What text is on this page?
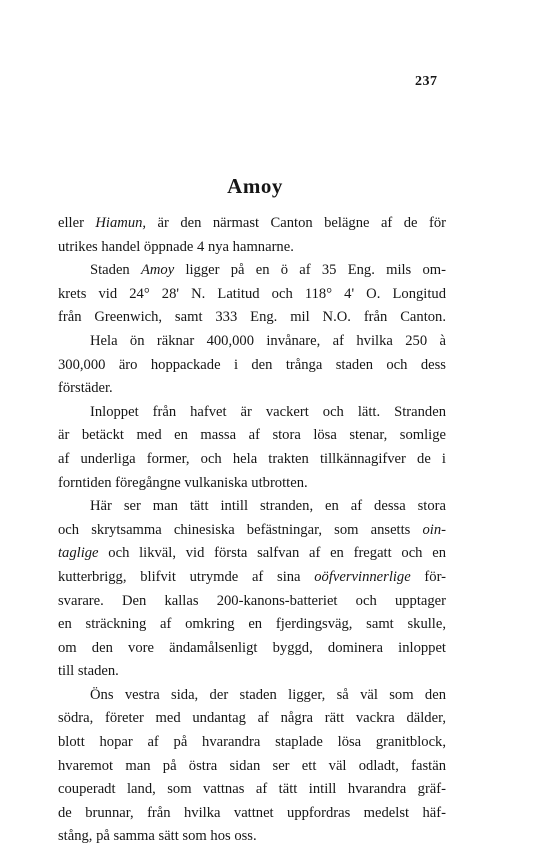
237
Amoy
eller Hiamun, är den närmast Canton belägne af de för
utrikes handel öppnade 4 nya hamnarne.
Staden Amoy ligger på en ö af 35 Eng. mils om-
krets vid 24° 28' N. Latitud och 118° 4' O. Longitud
från Greenwich, samt 333 Eng. mil N.O. från Canton.
Hela ön räknar 400,000 invånare, af hvilka 250 à
300,000 äro hoppackade i den trånga staden och dess
förstäder.
Inloppet från hafvet är vackert och lätt. Stranden
är betäckt med en massa af stora lösa stenar, somlige
af underliga former, och hela trakten tillkännagifver de i
forntiden föregångne vulkaniska utbrotten.
Här ser man tätt intill stranden, en af dessa stora
och skrytsamma chinesiska befästningar, som ansetts oin-
taglige och likväl, vid första salfvan af en fregatt och en
kutterbrigg, blifvit utrymde af sina oöfvervinnerlige för-
svarare. Den kallas 200-kanons-batteriet och upptager
en sträckning af omkring en fjerdingsväg, samt skulle,
om den vore ändamålsenligt byggd, dominera inloppet
till staden.
Öns vestra sida, der staden ligger, så väl som den
södra, företer med undantag af några rätt vackra dälder,
blott hopar af på hvarandra staplade lösa granitblock,
hvaremot man på östra sidan ser ett väl odladt, fastän
couperadt land, som vattnas af tätt intill hvarandra gräf-
de brunnar, från hvilka vattnet uppfordras medelst häf-
stång, på samma sätt som hos oss.
